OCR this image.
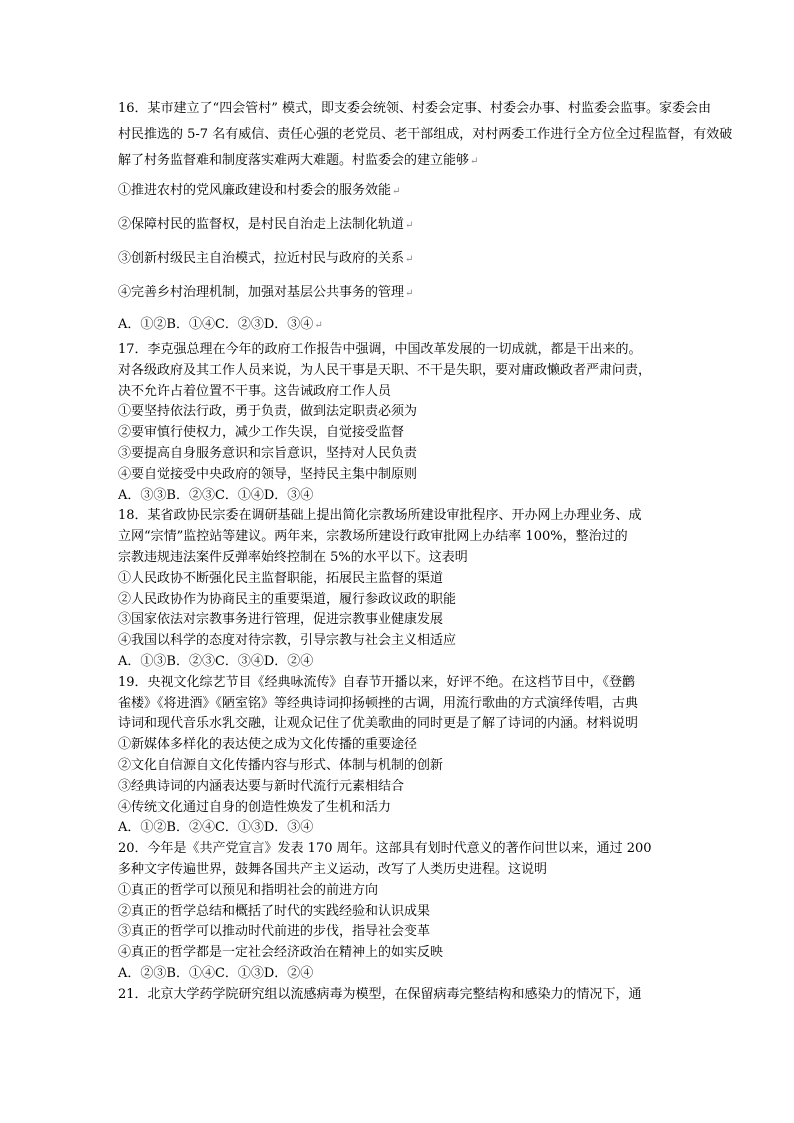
16．某市建立了“四会管村” 模式，即支委会统领、村委会定事、村委会办事、村监委会监事。家委会由
村民推选的 5-7 名有威信、责任心强的老党员、老干部组成，对村两委工作进行全方位全过程监督，有效破
解了村务监督难和制度落实难两大难题。村监委会的建立能够↵
①推进农村的党风廉政建设和村委会的服务效能↵
②保障村民的监督权，是村民自治走上法制化轨道↵
③创新村级民主自治模式，拉近村民与政府的关系↵
④完善乡村治理机制，加强对基层公共事务的管理↵
A．①②B．①④C．②③D．③④↵
17．李克强总理在今年的政府工作报告中强调，中国改革发展的一切成就，都是干出来的。
对各级政府及其工作人员来说，为人民干事是天职、不干是失职，要对庸政懒政者严肃问责，
决不允许占着位置不干事。这告诫政府工作人员
①要坚持依法行政，勇于负责，做到法定职责必须为
②要审慎行使权力，减少工作失误，自觉接受监督
③要提高自身服务意识和宗旨意识，坚持对人民负责
④要自觉接受中央政府的领导，坚持民主集中制原则
A．③③B．②③C．①④D．③④
18．某省政协民宗委在调研基础上提出简化宗教场所建设审批程序、开办网上办理业务、成
立网“宗情”监控站等建议。两年来，宗教场所建设行政审批网上办结率 100%，整治过的
宗教违规违法案件反弹率始终控制在 5%的水平以下。这表明
①人民政协不断强化民主监督职能，拓展民主监督的渠道
②人民政协作为协商民主的重要渠道，履行参政议政的职能
③国家依法对宗教事务进行管理，促进宗教事业健康发展
④我国以科学的态度对待宗教，引导宗教与社会主义相适应
A．①③B．②③C．③④D．②④
19．央视文化综艺节目《经典咏流传》自春节开播以来，好评不绝。在这档节目中，《登鹳
雀楼》《将进酒》《陋室铭》等经典诗词抑扬顿挫的古调，用流行歌曲的方式演绎传唱，古典
诗词和现代音乐水乳交融，让观众记住了优美歌曲的同时更是了解了诗词的内涵。材料说明
①新媒体多样化的表达使之成为文化传播的重要途径
②文化自信源自文化传播内容与形式、体制与机制的创新
③经典诗词的内涵表达要与新时代流行元素相结合
④传统文化通过自身的创造性焕发了生机和活力
A．①②B．②④C．①③D．③④
20．今年是《共产党宣言》发表 170 周年。这部具有划时代意义的著作问世以来，通过 200
多种文字传遍世界，鼓舞各国共产主义运动，改写了人类历史进程。这说明
①真正的哲学可以预见和指明社会的前进方向
②真正的哲学总结和概括了时代的实践经验和认识成果
③真正的哲学可以推动时代前进的步伐，指导社会变革
④真正的哲学都是一定社会经济政治在精神上的如实反映
A．②③B．①④C．①③D．②④
21．北京大学药学院研究组以流感病毒为模型，在保留病毒完整结构和感染力的情况下，通
